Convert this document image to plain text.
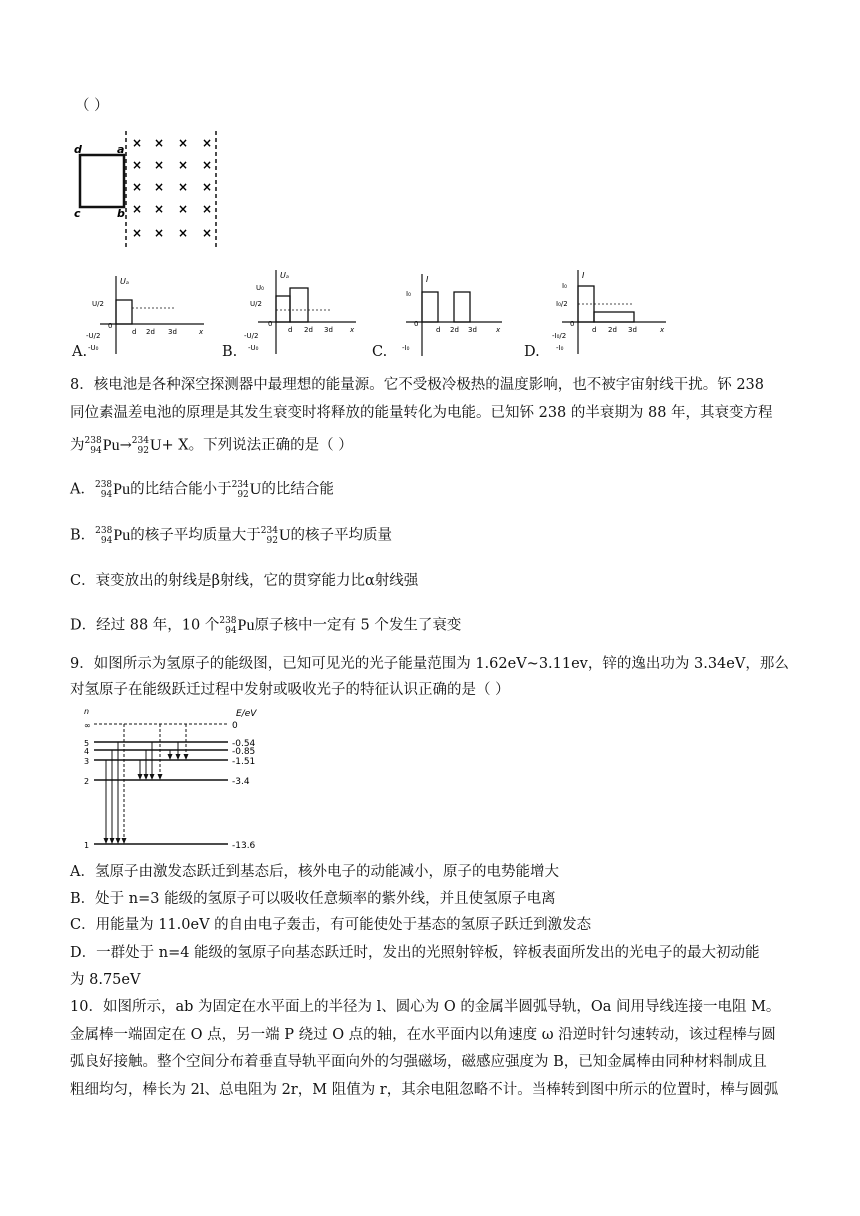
（ ）
d	a
c	b
× × × ×
× × × ×
× × × ×
× × × ×
× × × ×
A.
Uₐ
U/2
0
-U/2
-U₀
d 2d 3d	x
B.
Uₐ
U₀
U/2
0
-U/2
-U₀
d 2d 3d x
C.
I
I₀
0
-I₀
d 2d 3d	x
D.
I
I₀
I₀/2
0
-I₀/2
-I₀
d 2d 3d	x
8．核电池是各种深空探测器中最理想的能量源。它不受极冷极热的温度影响，也不被宇宙射线干扰。钚 238
同位素温差电池的原理是其发生衰变时将释放的能量转化为电能。已知钚 238 的半衰期为 88 年，其衰变方程
为 238
94 Pu → 234
92 U + X。下列说法正确的是（ ）
A． 238
94 Pu 的比结合能小于 234
92 U 的比结合能
B． 238
94 Pu 的核子平均质量大于 234
92 U 的核子平均质量
C．衰变放出的射线是β射线，它的贯穿能力比α射线强
D．经过 88 年，10 个 238
94 Pu 原子核中一定有 5 个发生了衰变
9．如图所示为氢原子的能级图，已知可见光的光子能量范围为 1.62eV~3.11ev，锌的逸出功为 3.34eV，那么
对氢原子在能级跃迁过程中发射或吸收光子的特征认识正确的是（ ）
n	E/eV
∞	0
5	-0.54
4	-0.85
3	-1.51
2	-3.4
1	-13.6
A．氢原子由激发态跃迁到基态后，核外电子的动能减小，原子的电势能增大
B．处于 n=3 能级的氢原子可以吸收任意频率的紫外线，并且使氢原子电离
C．用能量为 11.0eV 的自由电子轰击，有可能使处于基态的氢原子跃迁到激发态
D．一群处于 n=4 能级的氢原子向基态跃迁时，发出的光照射锌板，锌板表面所发出的光电子的最大初动能
为 8.75eV
10．如图所示，ab 为固定在水平面上的半径为 l、圆心为 O 的金属半圆弧导轨，Oa 间用导线连接一电阻 M。
金属棒一端固定在 O 点，另一端 P 绕过 O 点的轴，在水平面内以角速度 ω 沿逆时针匀速转动，该过程棒与圆
弧良好接触。整个空间分布着垂直导轨平面向外的匀强磁场，磁感应强度为 B，已知金属棒由同种材料制成且
粗细均匀，棒长为 2l、总电阻为 2r，M 阻值为 r，其余电阻忽略不计。当棒转到图中所示的位置时，棒与圆弧
